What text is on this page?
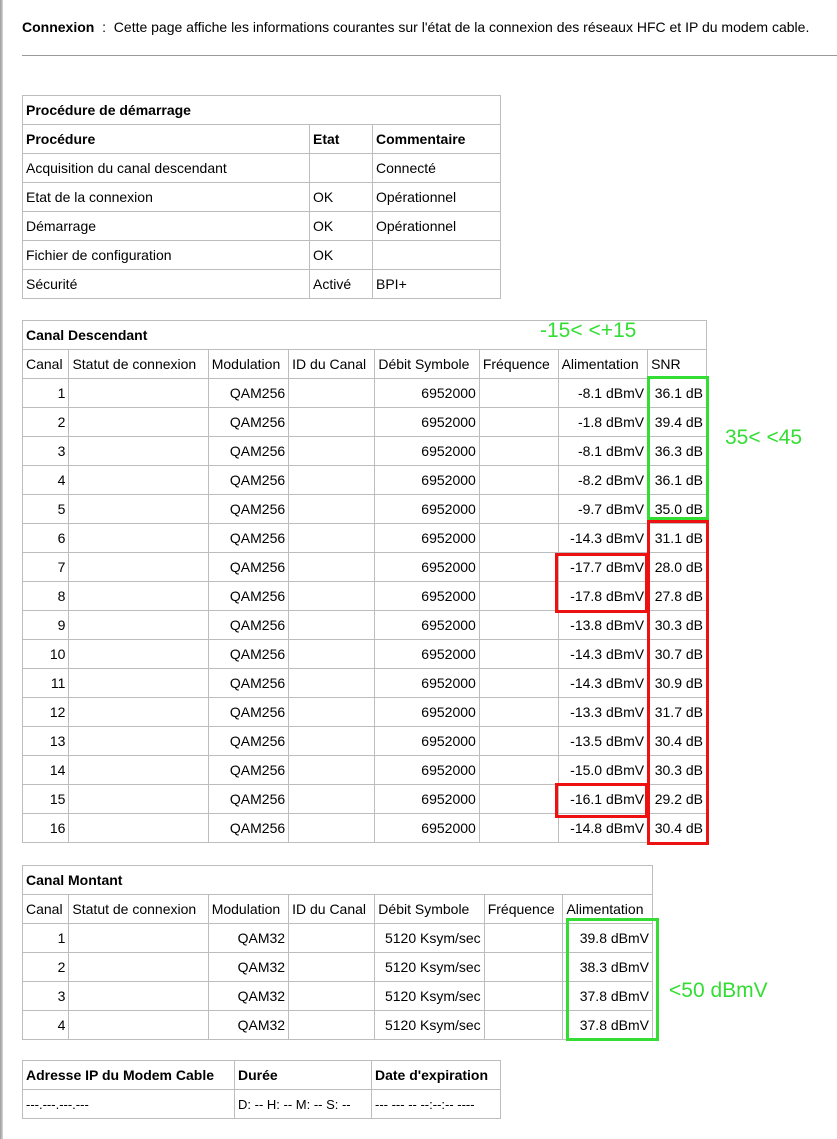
Connexion : Cette page affiche les informations courantes sur l'état de la connexion des réseaux HFC et IP du modem cable.
Procédure de démarrage		
Procédure	Etat	Commentaire
Acquisition du canal descendant		Connecté
Etat de la connexion	OK	Opérationnel
Démarrage	OK	Opérationnel
Fichier de configuration	OK	
Sécurité	Activé	BPI+
Canal Descendant							
Canal	Statut de connexion	Modulation	ID du Canal	Débit Symbole	Fréquence	Alimentation	SNR
1		QAM256		6952000		-8.1 dBmV	36.1 dB
2		QAM256		6952000		-1.8 dBmV	39.4 dB
3		QAM256		6952000		-8.1 dBmV	36.3 dB
4		QAM256		6952000		-8.2 dBmV	36.1 dB
5		QAM256		6952000		-9.7 dBmV	35.0 dB
6		QAM256		6952000		-14.3 dBmV	31.1 dB
7		QAM256		6952000		-17.7 dBmV	28.0 dB
8		QAM256		6952000		-17.8 dBmV	27.8 dB
9		QAM256		6952000		-13.8 dBmV	30.3 dB
10		QAM256		6952000		-14.3 dBmV	30.7 dB
11		QAM256		6952000		-14.3 dBmV	30.9 dB
12		QAM256		6952000		-13.3 dBmV	31.7 dB
13		QAM256		6952000		-13.5 dBmV	30.4 dB
14		QAM256		6952000		-15.0 dBmV	30.3 dB
15		QAM256		6952000		-16.1 dBmV	29.2 dB
16		QAM256		6952000		-14.8 dBmV	30.4 dB
Canal Montant						
Canal	Statut de connexion	Modulation	ID du Canal	Débit Symbole	Fréquence	Alimentation
1		QAM32		5120 Ksym/sec		39.8 dBmV
2		QAM32		5120 Ksym/sec		38.3 dBmV
3		QAM32		5120 Ksym/sec		37.8 dBmV
4		QAM32		5120 Ksym/sec		37.8 dBmV
Adresse IP du Modem Cable	Durée	Date d'expiration
---.---.---.---	D: -- H: -- M: -- S: --	--- --- -- --:--:-- ----
-15< <+15
35< <45
<50 dBmV
